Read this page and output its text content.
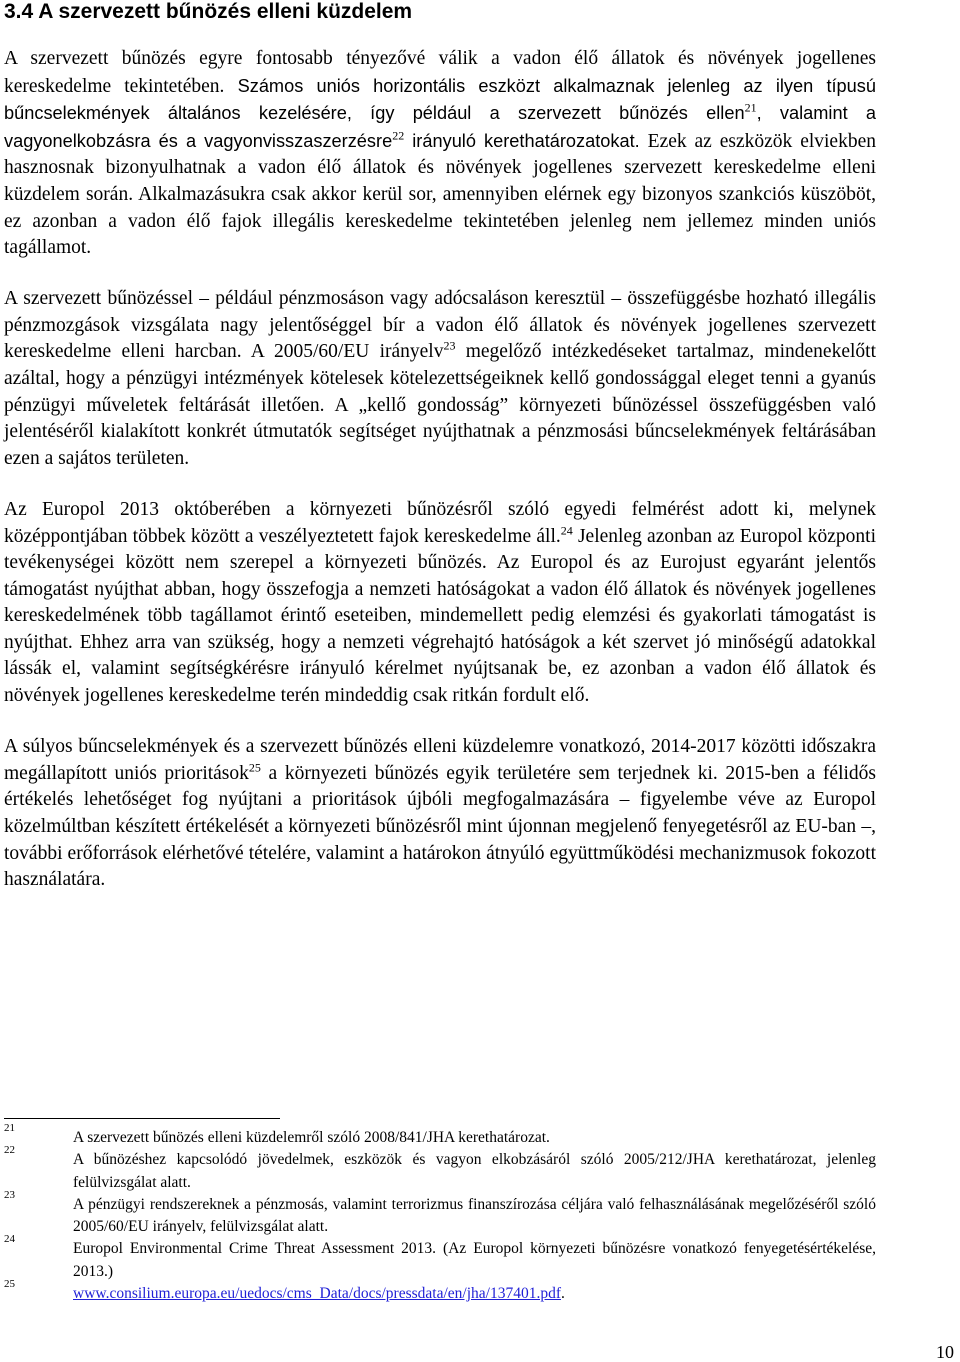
3.4 A szervezett bűnözés elleni küzdelem

A szervezett bűnözés egyre fontosabb tényezővé válik a vadon élő állatok és növények jogellenes kereskedelme tekintetében. Számos uniós horizontális eszközt alkalmaznak jelenleg az ilyen típusú bűncselekmények általános kezelésére, így például a szervezett bűnözés ellen$^{21}$, valamint a vagyonelkobzásra és a vagyonvisszaszerzésre$^{22}$ irányuló kerethatározatokat. Ezek az eszközök elviekben hasznosnak bizonyulhatnak a vadon élő állatok és növények jogellenes szervezett kereskedelme elleni küzdelem során. Alkalmazásukra csak akkor kerül sor, amennyiben elérnek egy bizonyos szankciós küszöböt, ez azonban a vadon élő fajok illegális kereskedelme tekintetében jelenleg nem jellemez minden uniós tagállamot.

A szervezett bűnözéssel – például pénzmosáson vagy adócsaláson keresztül – összefüggésbe hozható illegális pénzmozgások vizsgálata nagy jelentőséggel bír a vadon élő állatok és növények jogellenes szervezett kereskedelme elleni harcban. A 2005/60/EU irányelv$^{23}$ megelőző intézkedéseket tartalmaz, mindenekelőtt azáltal, hogy a pénzügyi intézmények kötelesek kötelezettségeiknek kellő gondossággal eleget tenni a gyanús pénzügyi műveletek feltárását illetően. A „kellő gondosság” környezeti bűnözéssel összefüggésben való jelentéséről kialakított konkrét útmutatók segítséget nyújthatnak a pénzmosási bűncselekmények feltárásában ezen a sajátos területen.

Az Europol 2013 októberében a környezeti bűnözésről szóló egyedi felmérést adott ki, melynek középpontjában többek között a veszélyeztetett fajok kereskedelme áll.$^{24}$ Jelenleg azonban az Europol központi tevékenységei között nem szerepel a környezeti bűnözés. Az Europol és az Eurojust egyaránt jelentős támogatást nyújthat abban, hogy összefogja a nemzeti hatóságokat a vadon élő állatok és növények jogellenes kereskedelmének több tagállamot érintő eseteiben, mindemellett pedig elemzési és gyakorlati támogatást is nyújthat. Ehhez arra van szükség, hogy a nemzeti végrehajtó hatóságok a két szervet jó minőségű adatokkal lássák el, valamint segítségkérésre irányuló kérelmet nyújtsanak be, ez azonban a vadon élő állatok és növények jogellenes kereskedelme terén mindeddig csak ritkán fordult elő.

A súlyos bűncselekmények és a szervezett bűnözés elleni küzdelemre vonatkozó, 2014-2017 közötti időszakra megállapított uniós prioritások$^{25}$ a környezeti bűnözés egyik területére sem terjednek ki. 2015-ben a félidős értékelés lehetőséget fog nyújtani a prioritások újbóli megfogalmazására – figyelembe véve az Europol közelmúltban készített értékelését a környezeti bűnözésről mint újonnan megjelenő fenyegetésről az EU-ban –, további erőforrások elérhetővé tételére, valamint a határokon átnyúló együttműködési mechanizmusok fokozott használatára.

21
A szervezett bűnözés elleni küzdelemről szóló 2008/841/JHA kerethatározat.
22
A bűnözéshez kapcsolódó jövedelmek, eszközök és vagyon elkobzásáról szóló 2005/212/JHA kerethatározat, jelenleg felülvizsgálat alatt.
23
A pénzügyi rendszereknek a pénzmosás, valamint terrorizmus finanszírozása céljára való felhasználásának megelőzéséről szóló 2005/60/EU irányelv, felülvizsgálat alatt.
24
Europol Environmental Crime Threat Assessment 2013. (Az Europol környezeti bűnözésre vonatkozó fenyegetésértékelése, 2013.)
25
www.consilium.europa.eu/uedocs/cms_Data/docs/pressdata/en/jha/137401.pdf.
10
